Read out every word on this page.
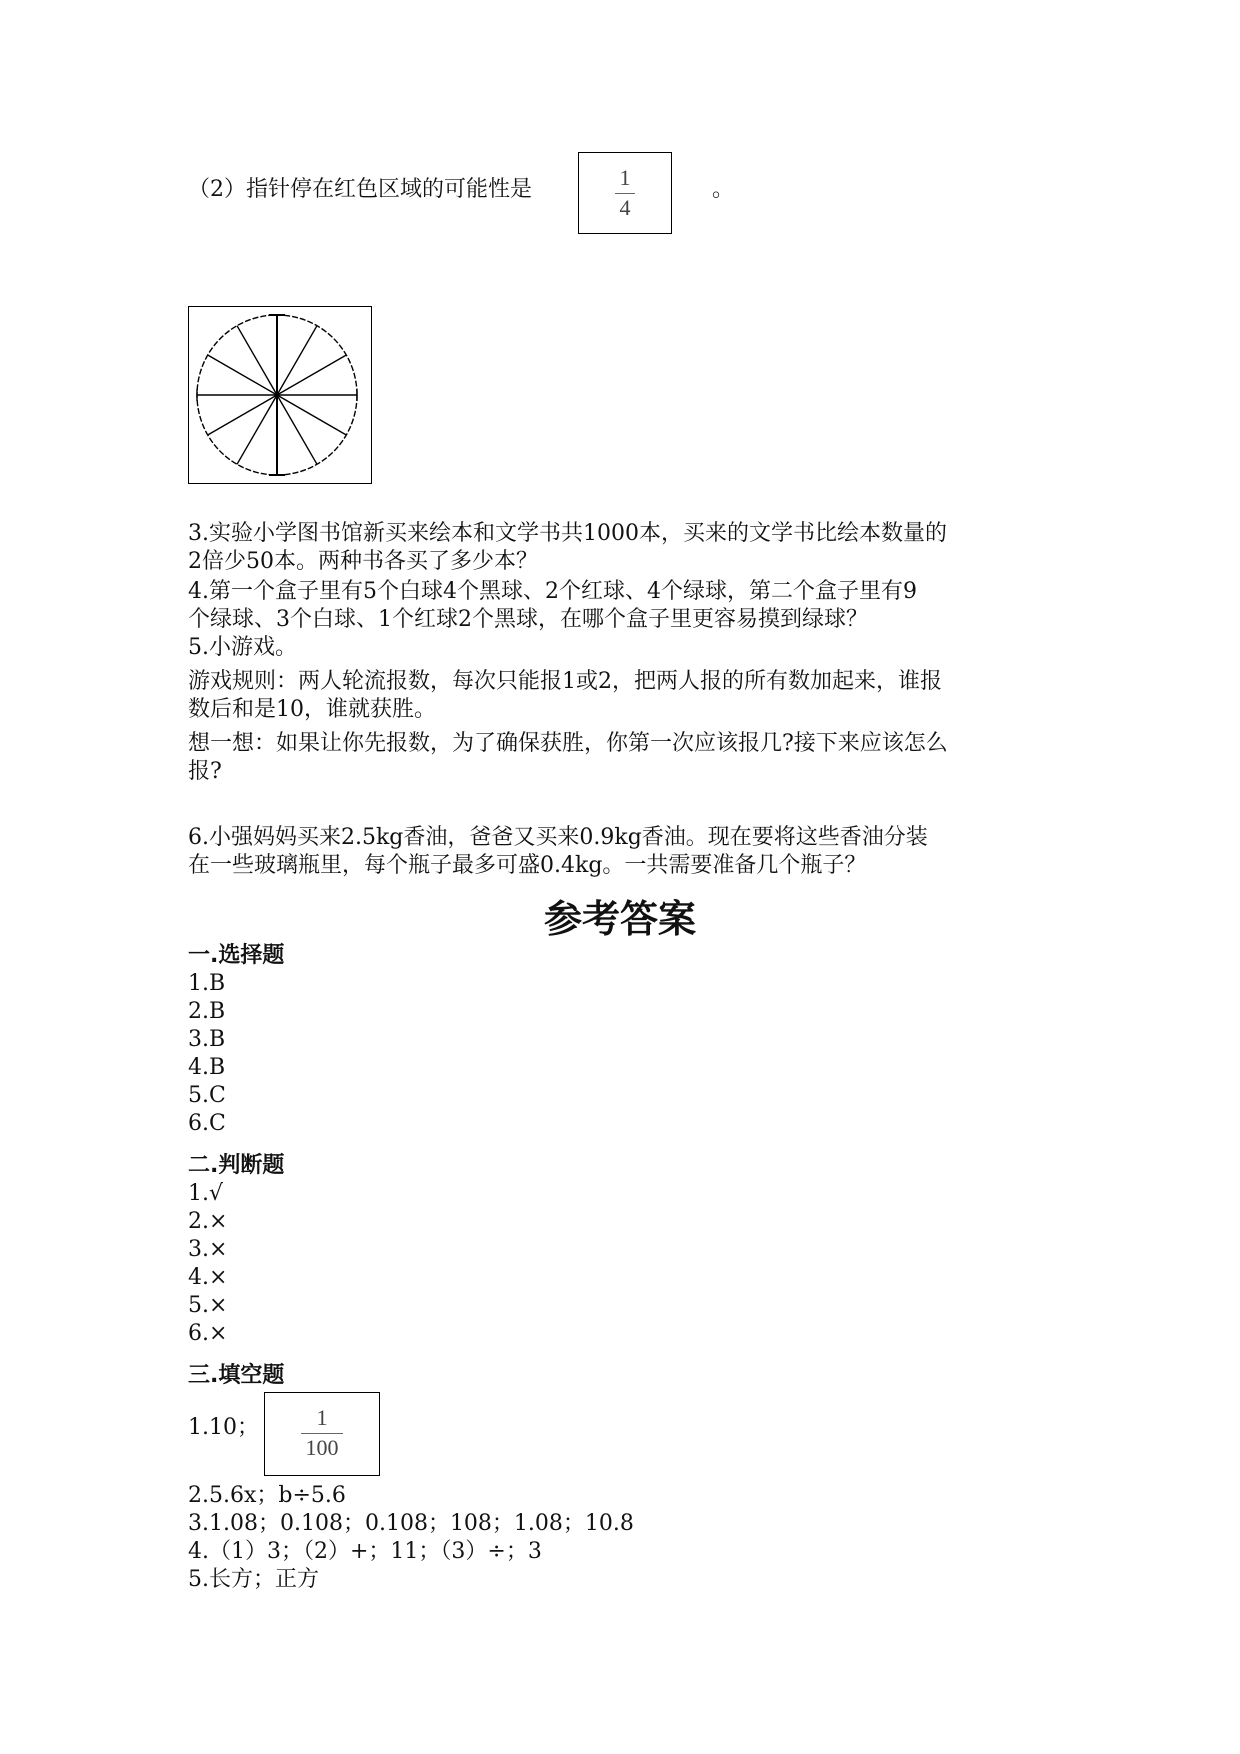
（2）指针停在红色区域的可能性是	1
4
。
3.实验小学图书馆新买来绘本和文学书共1000本，买来的文学书比绘本数量的
2倍少50本。两种书各买了多少本？
4.第一个盒子里有5个白球4个黑球、2个红球、4个绿球，第二个盒子里有9
个绿球、3个白球、1个红球2个黑球，在哪个盒子里更容易摸到绿球？
5.小游戏。
游戏规则：两人轮流报数，每次只能报1或2，把两人报的所有数加起来，谁报
数后和是10，谁就获胜。
想一想：如果让你先报数，为了确保获胜，你第一次应该报几?接下来应该怎么
报?
6.小强妈妈买来2.5kg香油，爸爸又买来0.9kg香油。现在要将这些香油分装
在一些玻璃瓶里，每个瓶子最多可盛0.4kg。一共需要准备几个瓶子？
参考答案
一.选择题
1.B
2.B
3.B
4.B
5.C
6.C
二.判断题
1.√
2.×
3.×
4.×
5.×
6.×
三.填空题
1.10；	1
100
2.5.6x；b÷5.6
3.1.08；0.108；0.108；108；1.08；10.8
4.（1）3；（2）+；11；（3）÷；3
5.长方；正方
